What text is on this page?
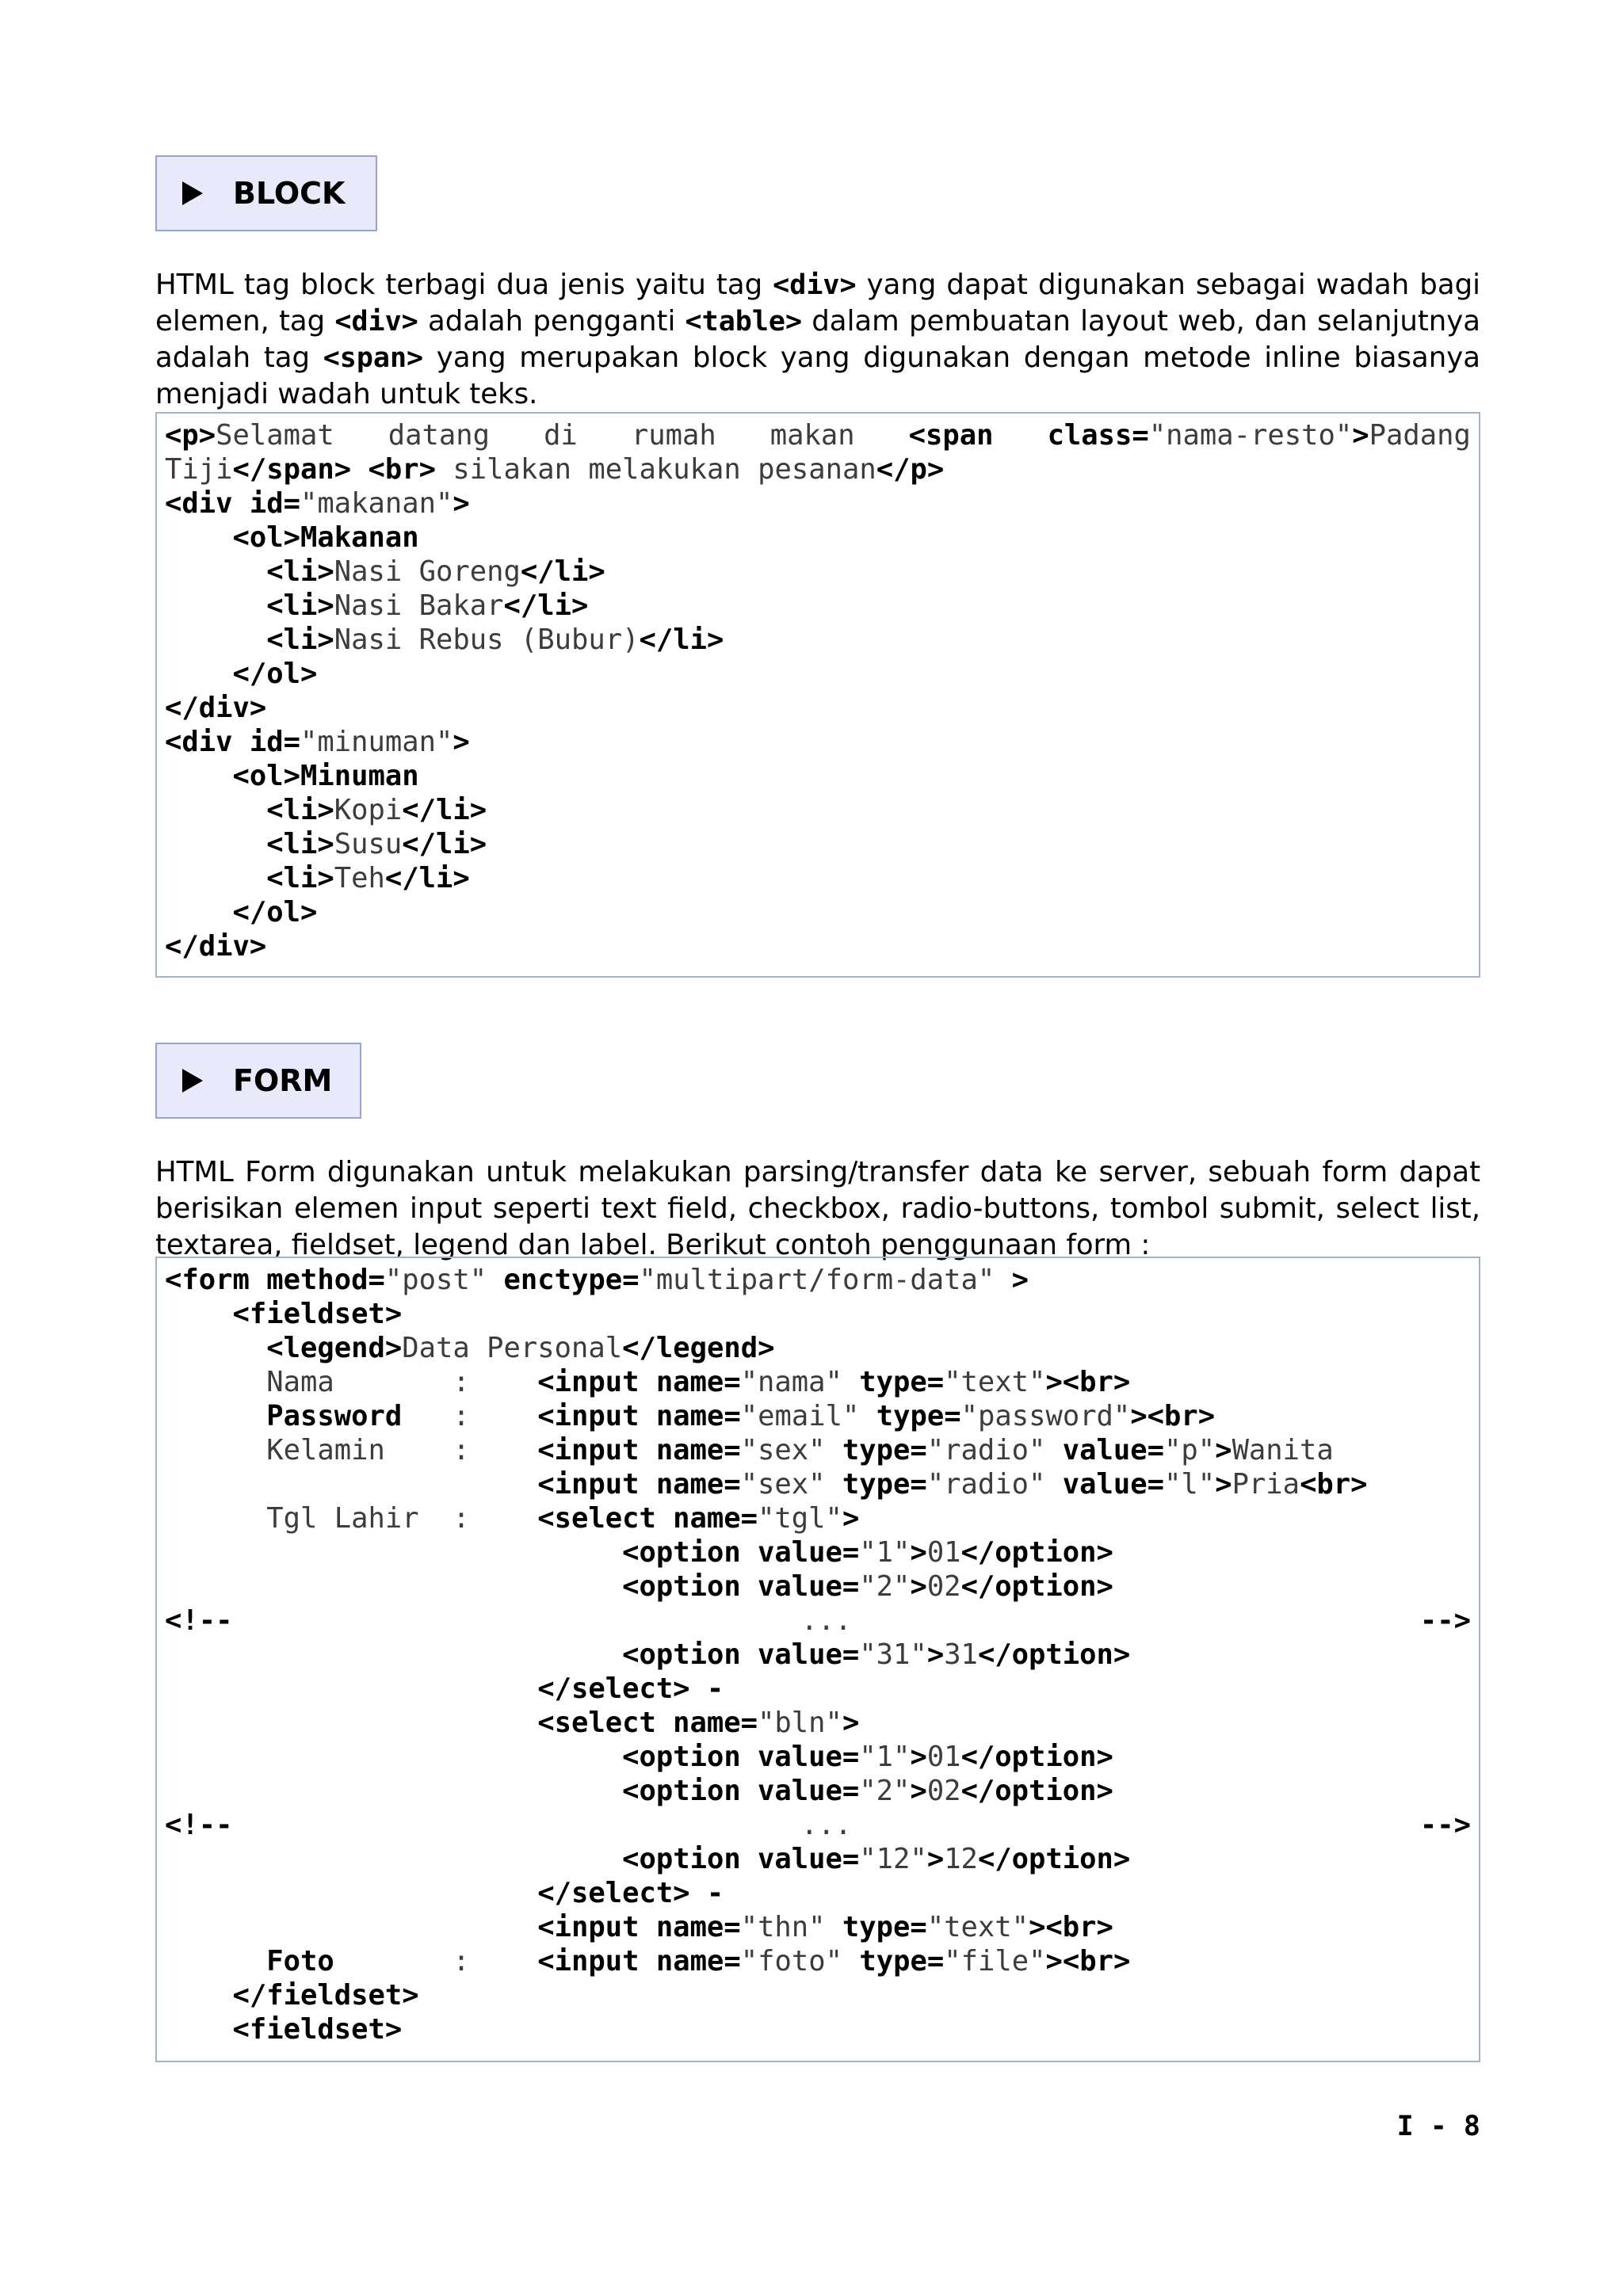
BLOCK
HTML tag block terbagi dua jenis yaitu tag <div> yang dapat digunakan sebagai wadah bagi elemen, tag <div> adalah pengganti <table> dalam pembuatan layout web, dan selanjutnya adalah tag <span> yang merupakan block yang digunakan dengan metode inline biasanya menjadi wadah untuk teks.
<p>Selamat datang di rumah makan <span class="nama-resto">Padang
Tiji</span> <br> silakan melakukan pesanan</p>
<div id="makanan">
<ol>Makanan
<li>Nasi Goreng</li>
<li>Nasi Bakar</li>
<li>Nasi Rebus (Bubur)</li>
</ol>
</div>
<div id="minuman">
<ol>Minuman
<li>Kopi</li>
<li>Susu</li>
<li>Teh</li>
</ol>
</div>
FORM
HTML Form digunakan untuk melakukan parsing/transfer data ke server, sebuah form dapat berisikan elemen input seperti text field, checkbox, radio-buttons, tombol submit, select list, textarea, fieldset, legend dan label. Berikut contoh penggunaan form :
<form method="post" enctype="multipart/form-data" >
<fieldset>
<legend>Data Personal</legend>
Nama       :    <input name="nama" type="text"><br>
Password   :    <input name="email" type="password"><br>
Kelamin    :    <input name="sex" type="radio" value="p">Wanita
<input name="sex" type="radio" value="l">Pria<br>
Tgl Lahir  :    <select name="tgl">
<option value="1">01</option>
<option value="2">02</option>
<!--	...	-->
<option value="31">31</option>
</select> -
<select name="bln">
<option value="1">01</option>
<option value="2">02</option>
<!--	...	-->
<option value="12">12</option>
</select> -
<input name="thn" type="text"><br>
Foto       :    <input name="foto" type="file"><br>
</fieldset>
<fieldset>
I - 8
